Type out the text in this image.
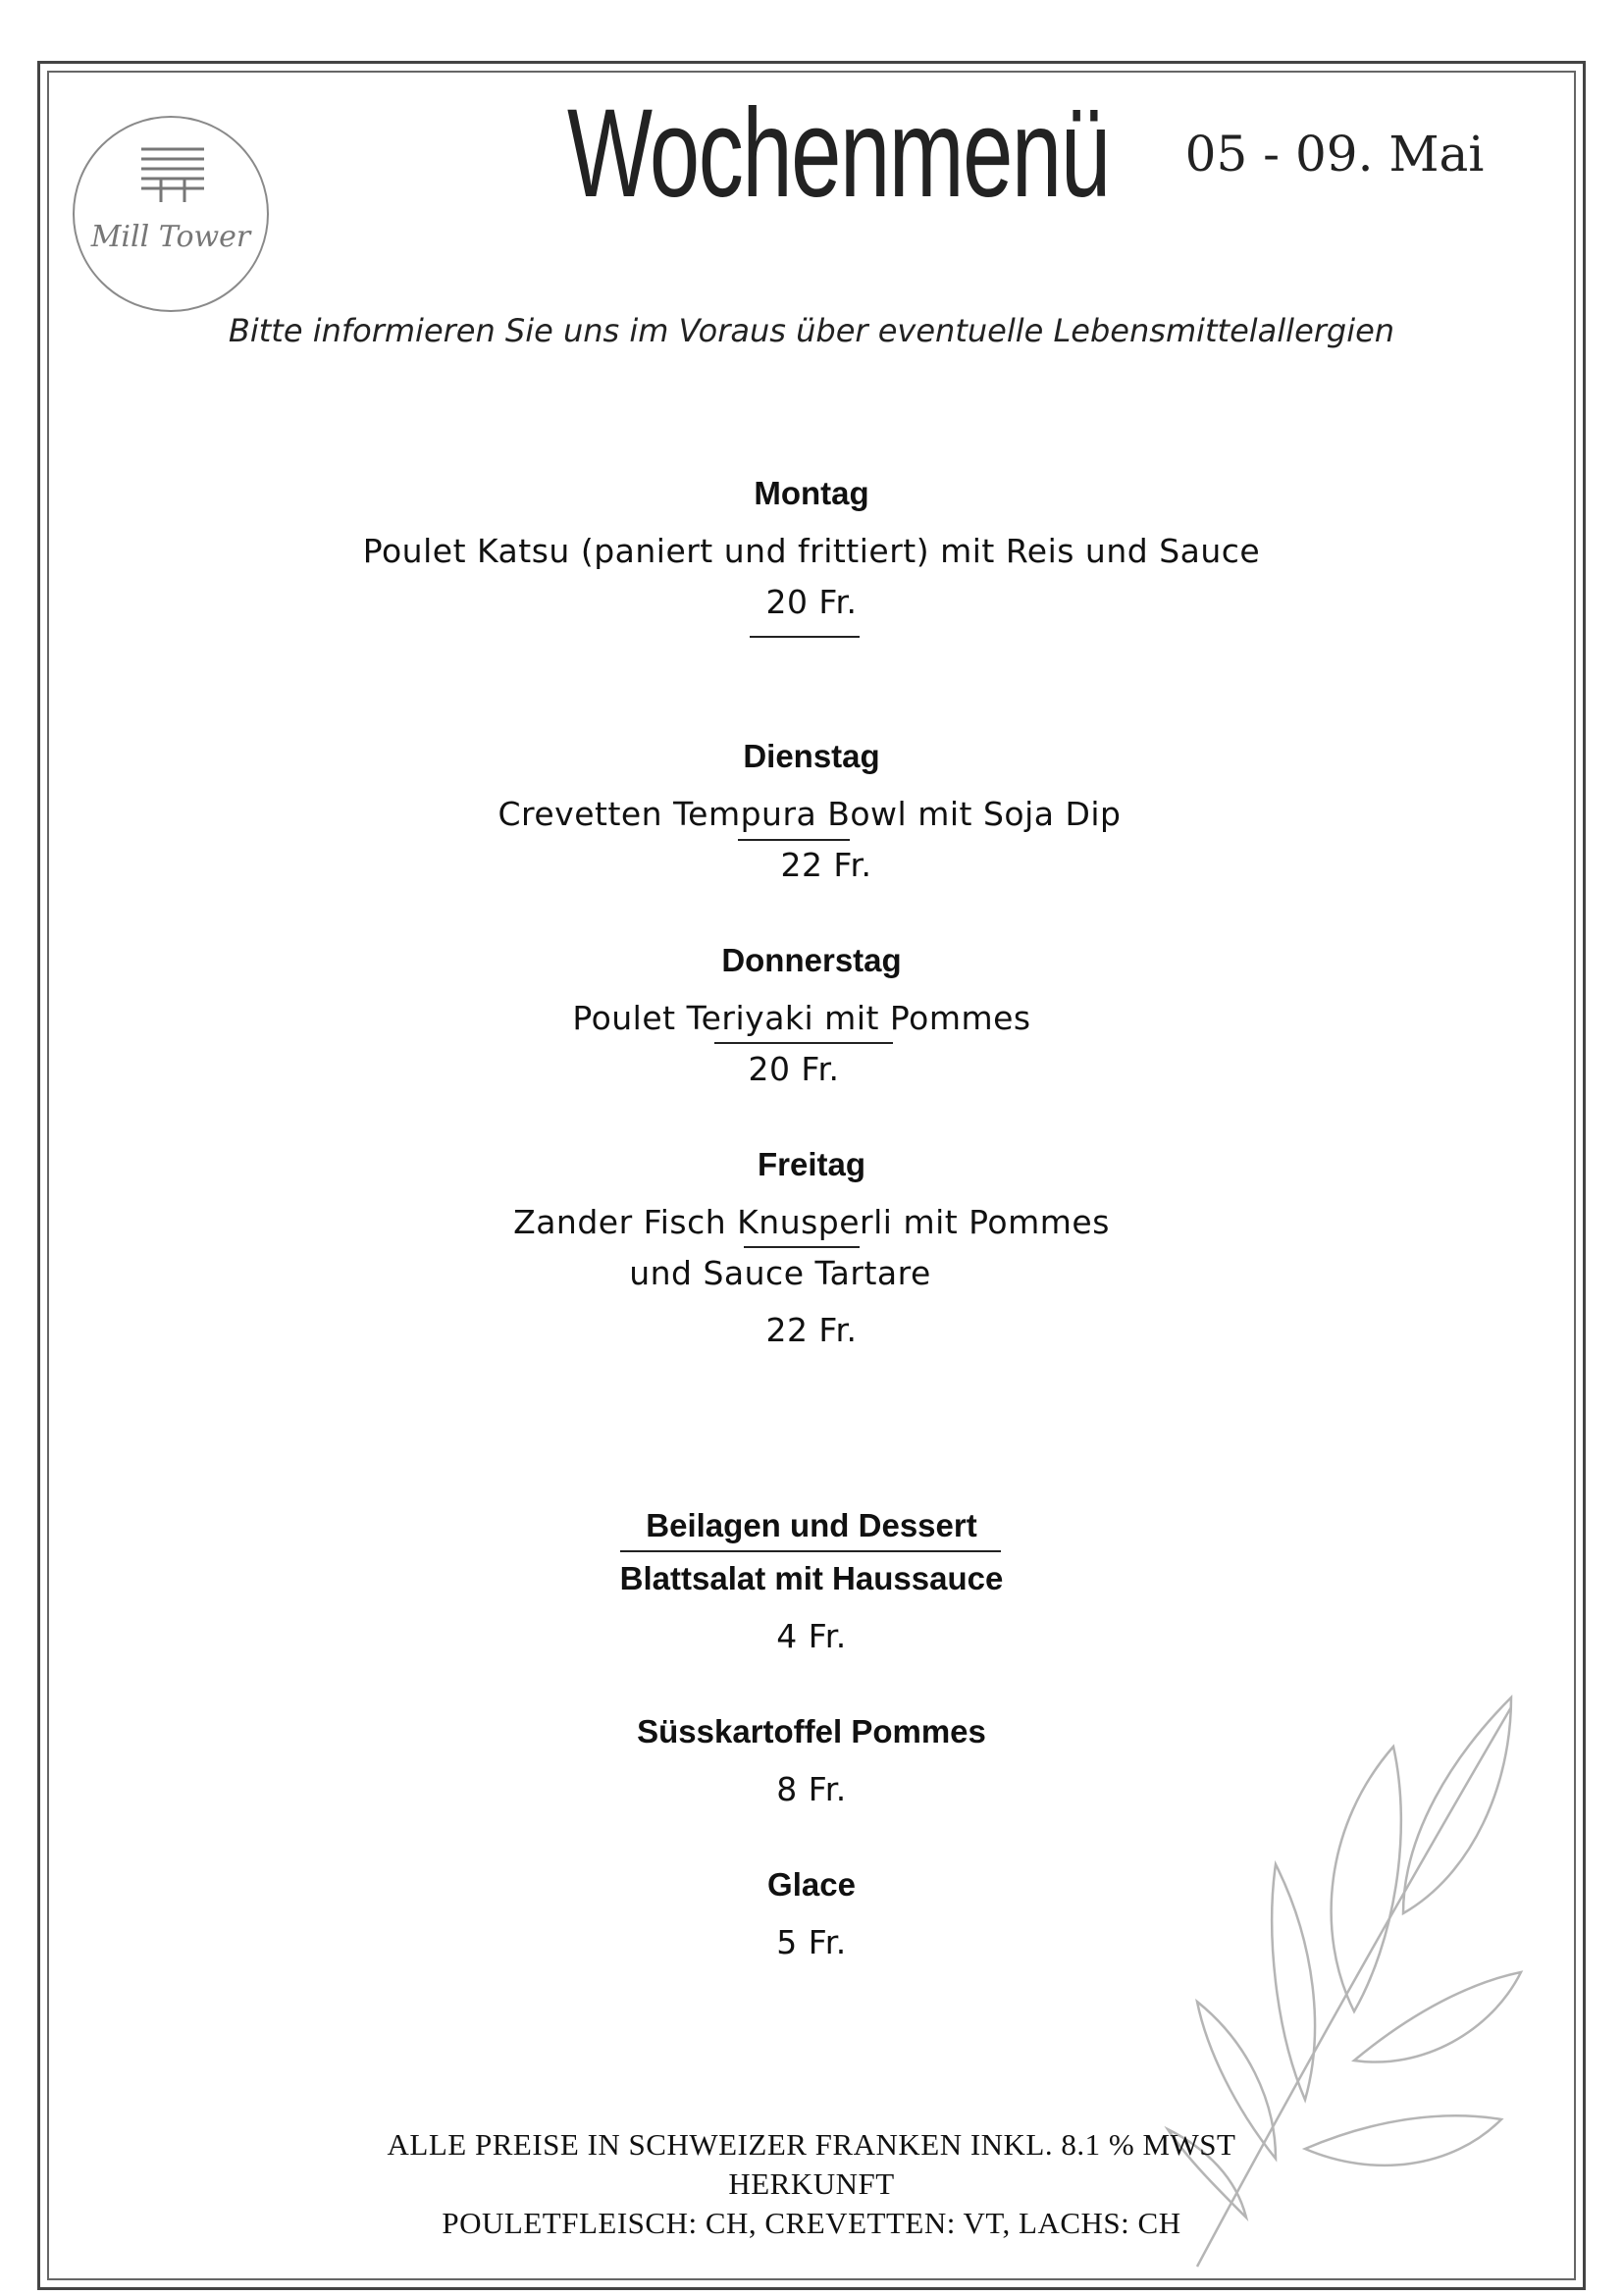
Mill Tower
Wochenmenü	05 - 09. Mai
Bitte informieren Sie uns im Voraus über eventuelle Lebensmittelallergien
Montag
Poulet Katsu (paniert und frittiert) mit Reis und Sauce
20 Fr.
Dienstag
Crevetten Tempura Bowl mit Soja Dip
22 Fr.
Donnerstag
Poulet Teriyaki mit Pommes
20 Fr.
Freitag
Zander Fisch Knusperli mit Pommes
und Sauce Tartare
22 Fr.
Beilagen und Dessert
Blattsalat mit Haussauce
4 Fr.
Süsskartoffel Pommes
8 Fr.
Glace
5 Fr.
ALLE PREISE IN SCHWEIZER FRANKEN INKL. 8.1 % MWST
HERKUNFT
POULETFLEISCH: CH, CREVETTEN: VT, LACHS: CH
